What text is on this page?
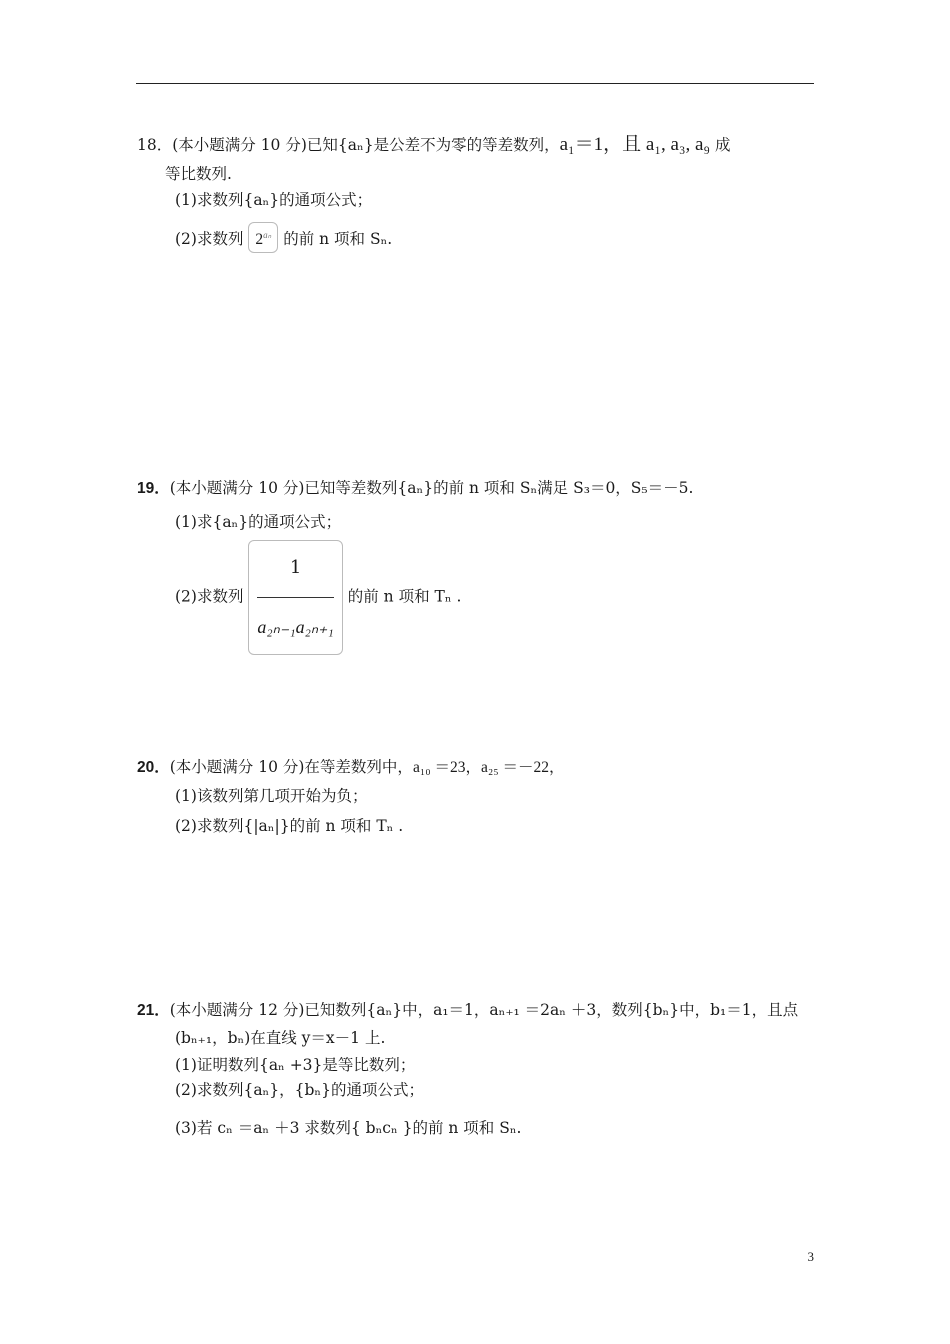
18．(本小题满分 10 分)已知{aₙ}是公差不为零的等差数列，a₁＝1，且 a₁, a₃, a₉ 成
等比数列.
(1)求数列{aₙ}的通项公式；
(2)求数列 $2^{a_n}$ 的前 n 项和 Sₙ.
19．(本小题满分 10 分)已知等差数列{aₙ}的前 n 项和 Sₙ满足 S₃＝0，S₅＝－5.
(1)求{aₙ}的通项公式；
(2)求数列 $\frac{1}{\text{a₂ₙ₋₁a₂ₙ₊₁}}$ 的前 n 项和 Tₙ .
20．(本小题满分 10 分)在等差数列中，a₁₀ ＝23，a₂₅ ＝－22，
(1)该数列第几项开始为负；
(2)求数列{|aₙ|}的前 n 项和 Tₙ .
21．(本小题满分 12 分)已知数列{aₙ}中，a₁＝1，aₙ₊₁ ＝2aₙ ＋3，数列{bₙ}中，b₁＝1，且点
(bₙ₊₁，bₙ)在直线 y＝x－1 上.
(1)证明数列{aₙ +3}是等比数列；
(2)求数列{aₙ}，{bₙ}的通项公式；
(3)若 cₙ ＝aₙ ＋3 求数列{ bₙcₙ }的前 n 项和 Sₙ.
3
